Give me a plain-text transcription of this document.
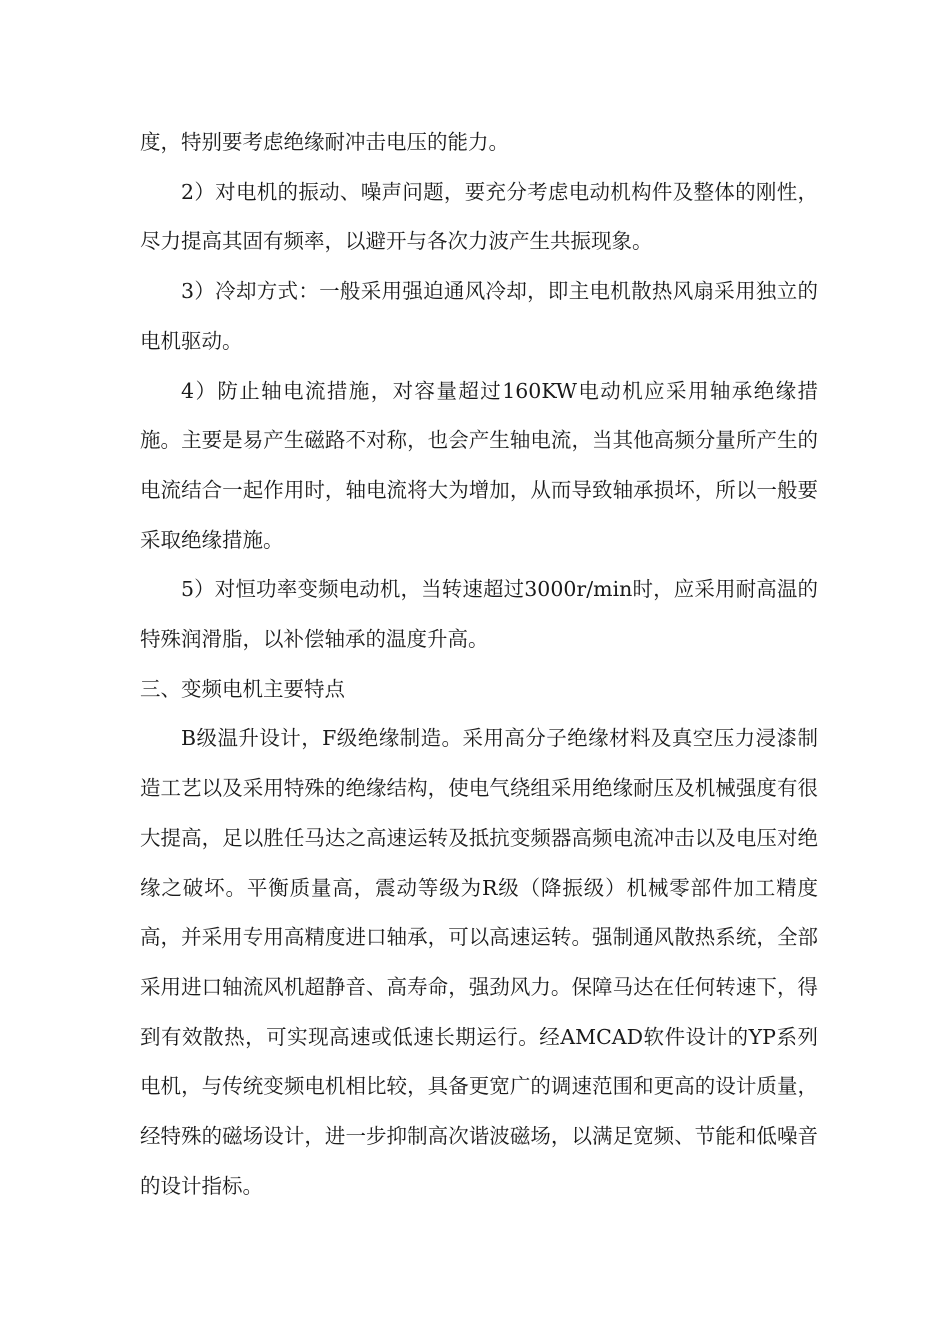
度，特别要考虑绝缘耐冲击电压的能力。

2）对电机的振动、噪声问题，要充分考虑电动机构件及整体的刚性，尽力提高其固有频率，以避开与各次力波产生共振现象。

3）冷却方式：一般采用强迫通风冷却，即主电机散热风扇采用独立的电机驱动。

4）防止轴电流措施，对容量超过160KW电动机应采用轴承绝缘措施。主要是易产生磁路不对称，也会产生轴电流，当其他高频分量所产生的电流结合一起作用时，轴电流将大为增加，从而导致轴承损坏，所以一般要采取绝缘措施。

5）对恒功率变频电动机，当转速超过3000r/min时，应采用耐高温的特殊润滑脂，以补偿轴承的温度升高。

三、变频电机主要特点

B级温升设计，F级绝缘制造。采用高分子绝缘材料及真空压力浸漆制造工艺以及采用特殊的绝缘结构，使电气绕组采用绝缘耐压及机械强度有很大提高，足以胜任马达之高速运转及抵抗变频器高频电流冲击以及电压对绝缘之破坏。平衡质量高，震动等级为R级（降振级）机械零部件加工精度高，并采用专用高精度进口轴承，可以高速运转。强制通风散热系统，全部采用进口轴流风机超静音、高寿命，强劲风力。保障马达在任何转速下，得到有效散热，可实现高速或低速长期运行。经AMCAD软件设计的YP系列电机，与传统变频电机相比较，具备更宽广的调速范围和更高的设计质量，经特殊的磁场设计，进一步抑制高次谐波磁场，以满足宽频、节能和低噪音的设计指标。
